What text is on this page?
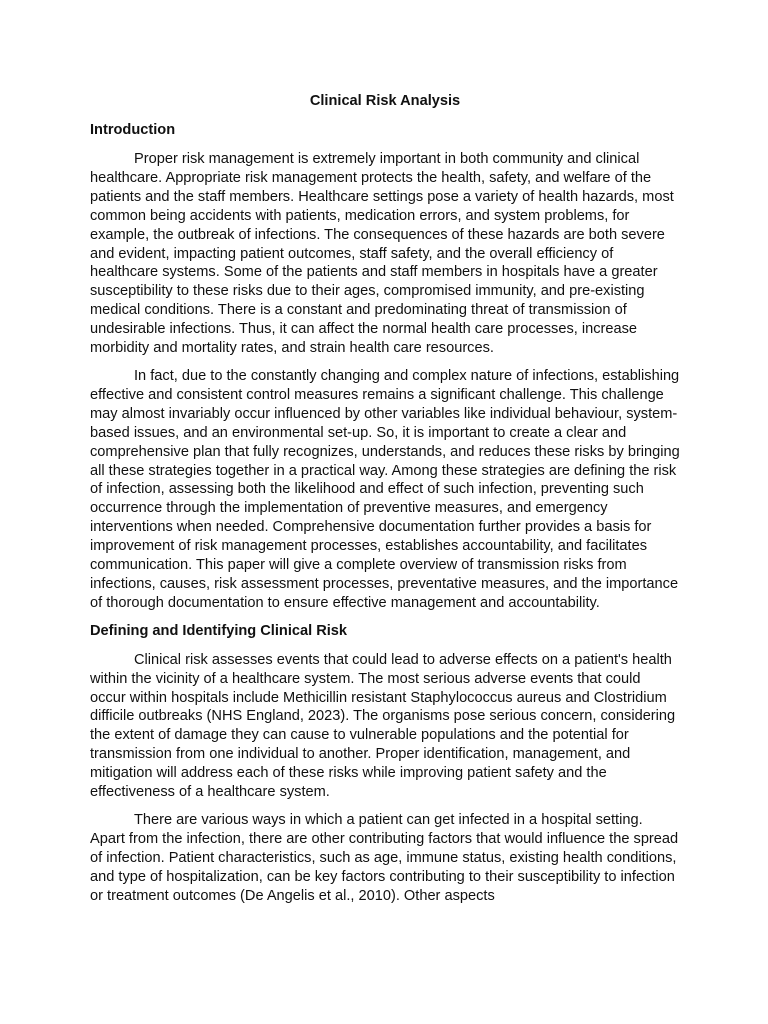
Clinical Risk Analysis
Introduction

Proper risk management is extremely important in both community and clinical healthcare. Appropriate risk management protects the health, safety, and welfare of the patients and the staff members. Healthcare settings pose a variety of health hazards, most common being accidents with patients, medication errors, and system problems, for example, the outbreak of infections. The consequences of these hazards are both severe and evident, impacting patient outcomes, staff safety, and the overall efficiency of healthcare systems. Some of the patients and staff members in hospitals have a greater susceptibility to these risks due to their ages, compromised immunity, and pre-existing medical conditions. There is a constant and predominating threat of transmission of undesirable infections. Thus, it can affect the normal health care processes, increase morbidity and mortality rates, and strain health care resources.

In fact, due to the constantly changing and complex nature of infections, establishing effective and consistent control measures remains a significant challenge. This challenge may almost invariably occur influenced by other variables like individual behaviour, system-based issues, and an environmental set-up. So, it is important to create a clear and comprehensive plan that fully recognizes, understands, and reduces these risks by bringing all these strategies together in a practical way. Among these strategies are defining the risk of infection, assessing both the likelihood and effect of such infection, preventing such occurrence through the implementation of preventive measures, and emergency interventions when needed. Comprehensive documentation further provides a basis for improvement of risk management processes, establishes accountability, and facilitates communication. This paper will give a complete overview of transmission risks from infections, causes, risk assessment processes, preventative measures, and the importance of thorough documentation to ensure effective management and accountability.

Defining and Identifying Clinical Risk

Clinical risk assesses events that could lead to adverse effects on a patient's health within the vicinity of a healthcare system. The most serious adverse events that could occur within hospitals include Methicillin resistant Staphylococcus aureus and Clostridium difficile outbreaks (NHS England, 2023). The organisms pose serious concern, considering the extent of damage they can cause to vulnerable populations and the potential for transmission from one individual to another. Proper identification, management, and mitigation will address each of these risks while improving patient safety and the effectiveness of a healthcare system.

There are various ways in which a patient can get infected in a hospital setting. Apart from the infection, there are other contributing factors that would influence the spread of infection. Patient characteristics, such as age, immune status, existing health conditions, and type of hospitalization, can be key factors contributing to their susceptibility to infection or treatment outcomes (De Angelis et al., 2010). Other aspects
